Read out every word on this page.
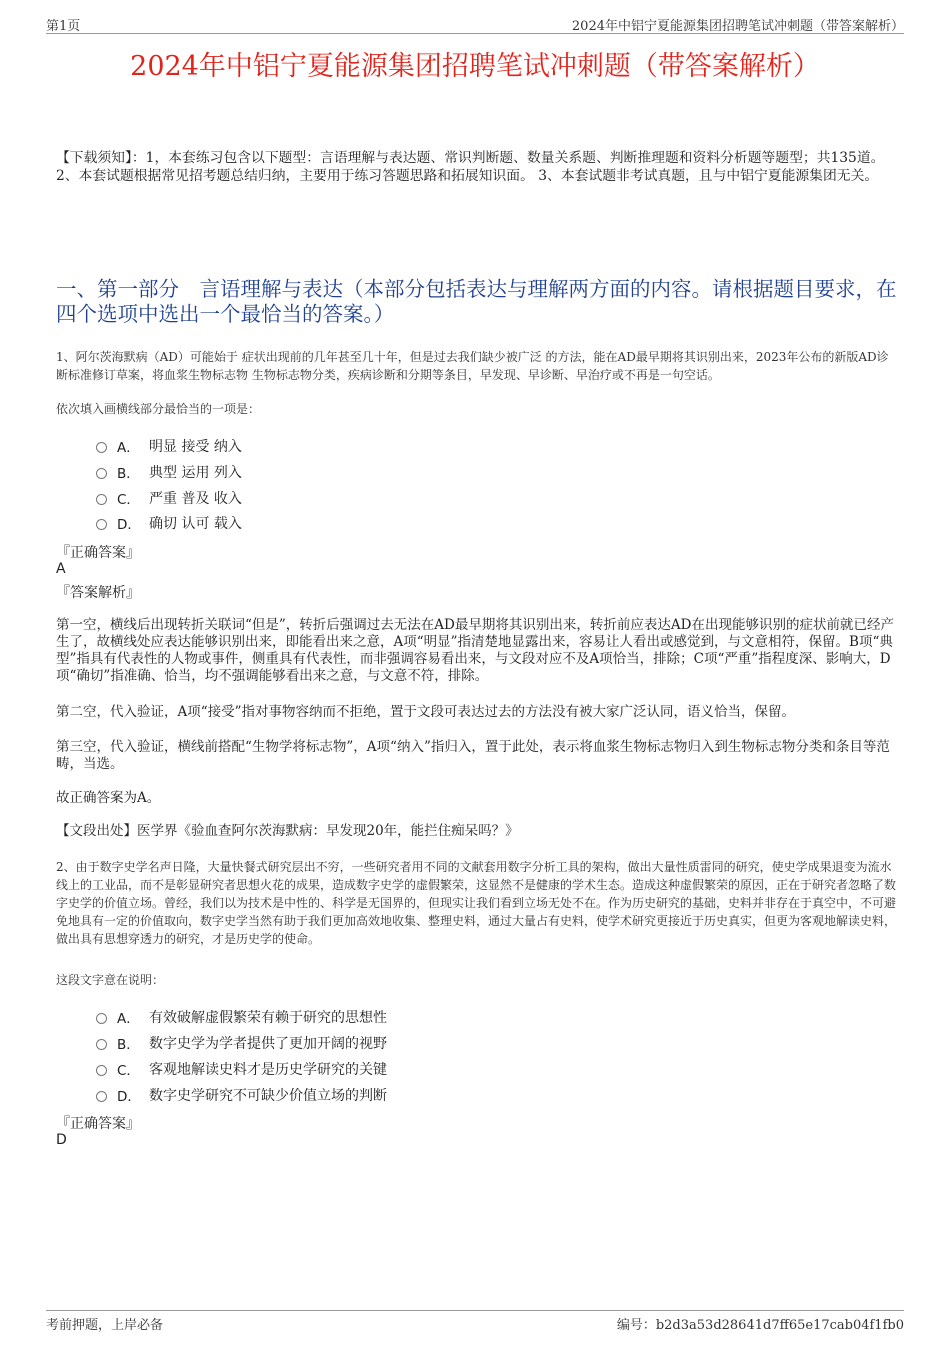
第1页	2024年中铝宁夏能源集团招聘笔试冲刺题（带答案解析）
2024年中铝宁夏能源集团招聘笔试冲刺题（带答案解析）

【下载须知】：1，本套练习包含以下题型：言语理解与表达题、常识判断题、数量关系题、判断推理题和资料分析题等题型；共135道。 2、本套试题根据常见招考题总结归纳，主要用于练习答题思路和拓展知识面。 3、本套试题非考试真题，且与中铝宁夏能源集团无关。

一、第一部分　言语理解与表达（本部分包括表达与理解两方面的内容。请根据题目要求，在四个选项中选出一个最恰当的答案。）

1、阿尔茨海默病（AD）可能始于 症状出现前的几年甚至几十年，但是过去我们缺少被广泛 的方法，能在AD最早期将其识别出来，2023年公布的新版AD诊断标准修订草案，将血浆生物标志物 生物标志物分类，疾病诊断和分期等条目，早发现、早诊断、早治疗或不再是一句空话。

依次填入画横线部分最恰当的一项是：

A． 明显 接受 纳入
B． 典型 运用 列入
C． 严重 普及 收入
D． 确切 认可 载入
『正确答案』
A
『答案解析』

第一空，横线后出现转折关联词“但是”，转折后强调过去无法在AD最早期将其识别出来，转折前应表达AD在出现能够识别的症状前就已经产生了，故横线处应表达能够识别出来，即能看出来之意，A项“明显”指清楚地显露出来，容易让人看出或感觉到，与文意相符，保留。B项“典型”指具有代表性的人物或事件，侧重具有代表性，而非强调容易看出来，与文段对应不及A项恰当，排除；C项“严重”指程度深、影响大，D项“确切”指准确、恰当，均不强调能够看出来之意，与文意不符，排除。

第二空，代入验证，A项“接受”指对事物容纳而不拒绝，置于文段可表达过去的方法没有被大家广泛认同，语义恰当，保留。

第三空，代入验证，横线前搭配“生物学将标志物”，A项“纳入”指归入，置于此处，表示将血浆生物标志物归入到生物标志物分类和条目等范畴，当选。

故正确答案为A。

【文段出处】医学界《验血查阿尔茨海默病：早发现20年，能拦住痴呆吗？》

2、由于数字史学名声日隆，大量快餐式研究层出不穷，一些研究者用不同的文献套用数字分析工具的架构，做出大量性质雷同的研究，使史学成果退变为流水线上的工业品，而不是彰显研究者思想火花的成果，造成数字史学的虚假繁荣，这显然不是健康的学术生态。造成这种虚假繁荣的原因，正在于研究者忽略了数字史学的价值立场。曾经，我们以为技术是中性的、科学是无国界的，但现实让我们看到立场无处不在。作为历史研究的基础，史料并非存在于真空中，不可避免地具有一定的价值取向，数字史学当然有助于我们更加高效地收集、整理史料，通过大量占有史料，使学术研究更接近于历史真实，但更为客观地解读史料，做出具有思想穿透力的研究，才是历史学的使命。

这段文字意在说明：

A． 有效破解虚假繁荣有赖于研究的思想性
B． 数字史学为学者提供了更加开阔的视野
C． 客观地解读史料才是历史学研究的关键
D． 数字史学研究不可缺少价值立场的判断
『正确答案』
D
考前押题，上岸必备	编号：b2d3a53d28641d7ff65e17cab04f1fb0
